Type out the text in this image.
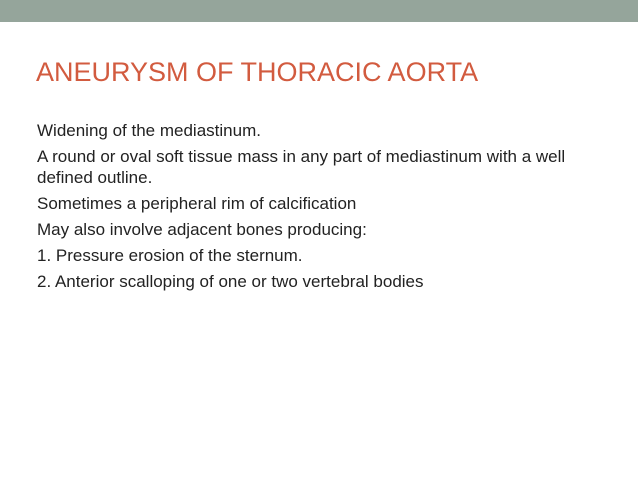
ANEURYSM OF THORACIC AORTA
Widening of the mediastinum.
A round or oval soft tissue mass in any part of mediastinum with a well defined outline.
Sometimes a peripheral rim of calcification
May also involve adjacent bones producing:
1. Pressure erosion of the sternum.
2. Anterior scalloping of one or two vertebral bodies
